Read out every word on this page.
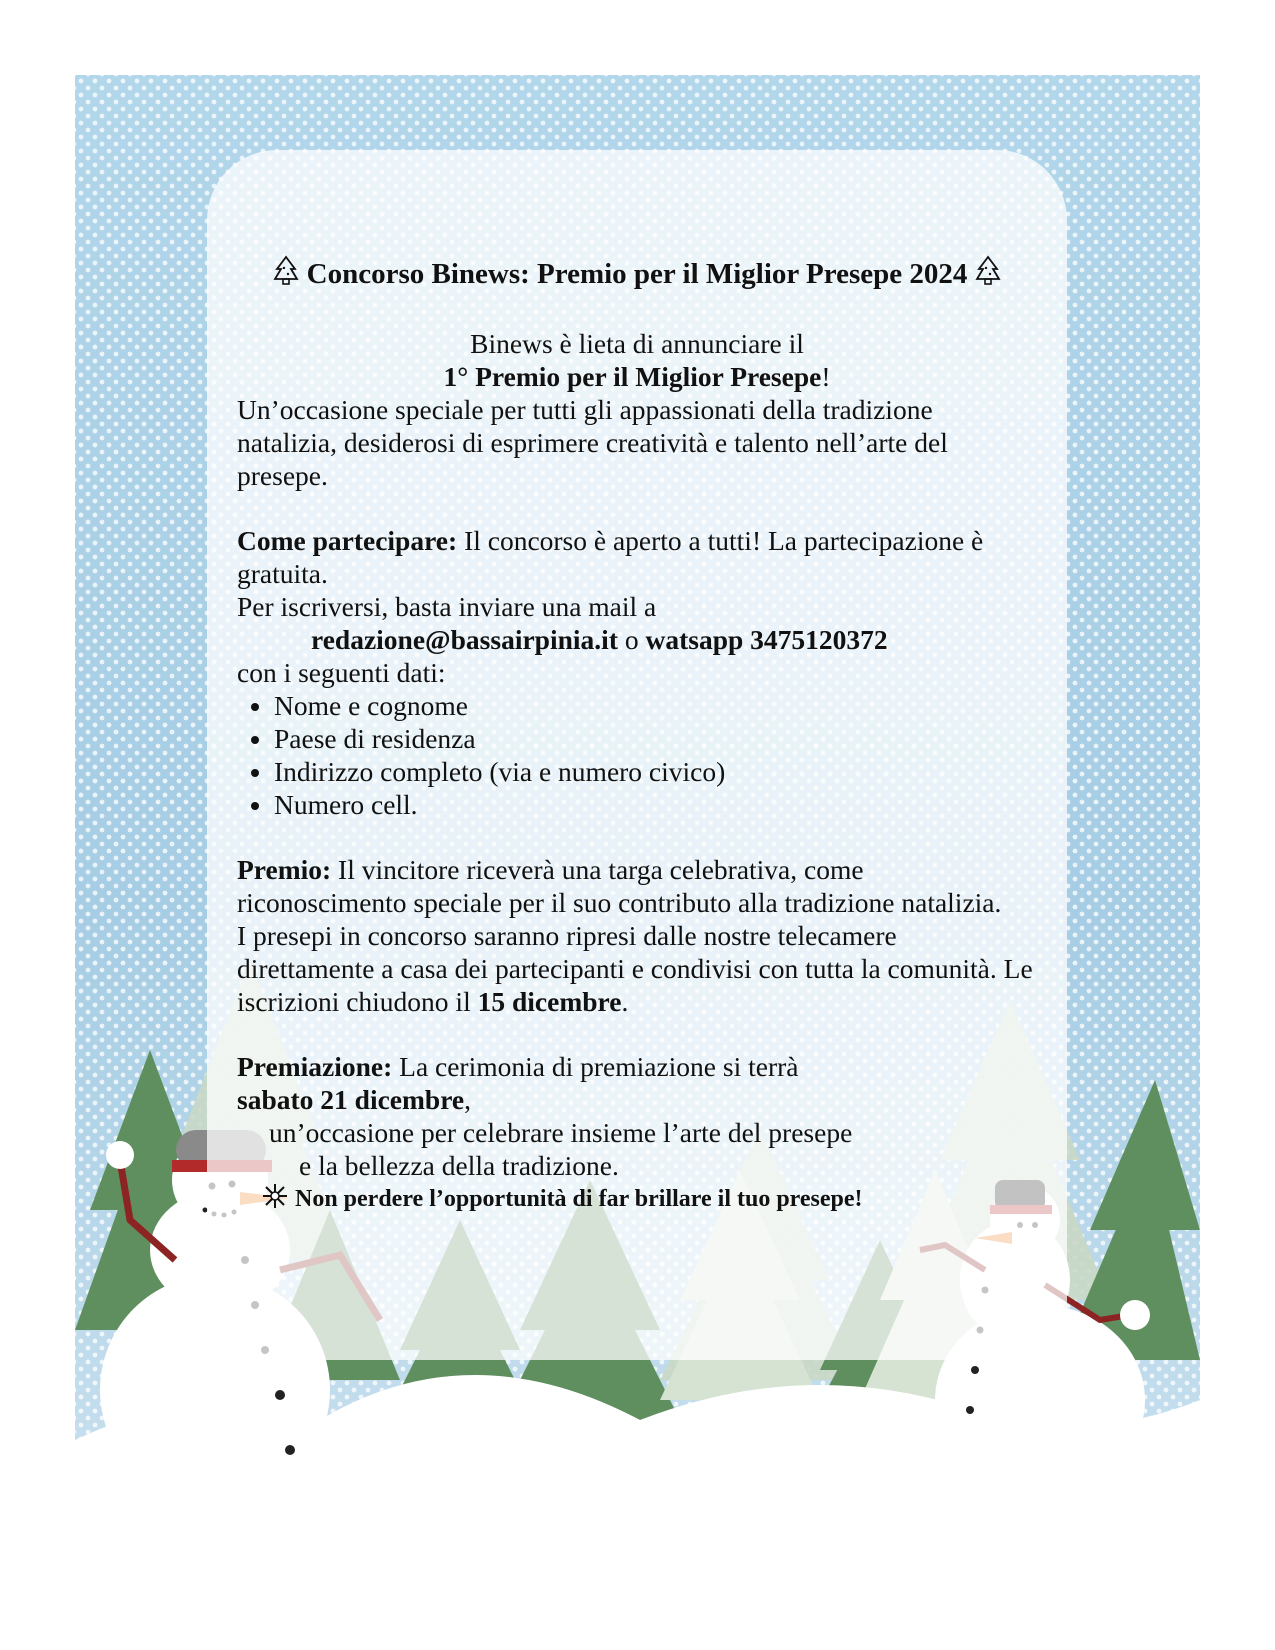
Concorso Binews: Premio per il Miglior Presepe 2024
Binews è lieta di annunciare il
1° Premio per il Miglior Presepe!
Un’occasione speciale per tutti gli appassionati della tradizione natalizia, desiderosi di esprimere creatività e talento nell’arte del presepe.
Come partecipare: Il concorso è aperto a tutti! La partecipazione è gratuita.
Per iscriversi, basta inviare una mail a
redazione@bassairpinia.it o watsapp 3475120372
con i seguenti dati:
• Nome e cognome
• Paese di residenza
• Indirizzo completo (via e numero civico)
• Numero cell.
Premio: Il vincitore riceverà una targa celebrativa, come riconoscimento speciale per il suo contributo alla tradizione natalizia.
I presepi in concorso saranno ripresi dalle nostre telecamere direttamente a casa dei partecipanti e condivisi con tutta la comunità. Le iscrizioni chiudono il 15 dicembre.
Premiazione: La cerimonia di premiazione si terrà
sabato 21 dicembre,
un’occasione per celebrare insieme l’arte del presepe
e la bellezza della tradizione.
Non perdere l’opportunità di far brillare il tuo presepe!
